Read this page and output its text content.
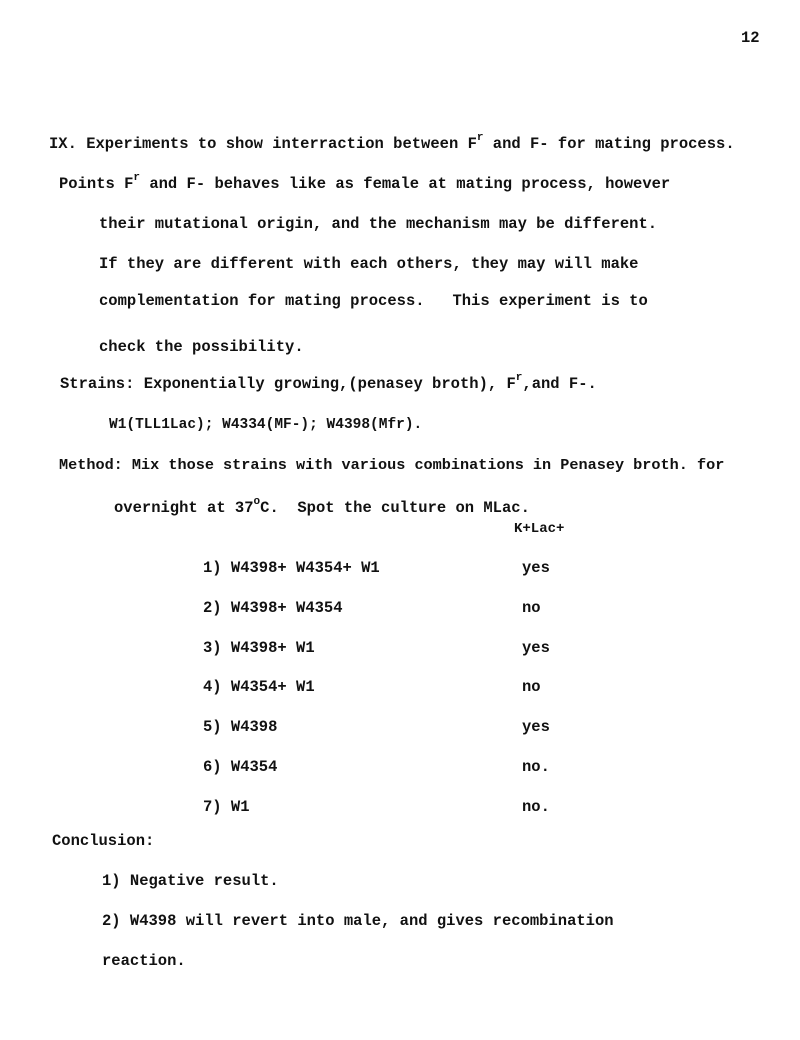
12
IX. Experiments to show interraction between $F^r$ and F- for mating process.
Points $F^r$ and F- behaves like as female at mating process, however
their mutational origin, and the mechanism may be different.
If they are different with each others, they may will make
complementation for mating process.   This experiment is to
check the possibility.
Strains: Exponentially growing,(penasey broth), $F^r,and$ F-.
W1(TLL1Lac); W4334(MF-); W4398(Mfr).
Method: Mix those strains with various combinations in Penasey broth. for
overnight at 37$^o$C.  Spot the culture on MLac.
K+Lac+
1) W4398+ W4354+ W1	yes
2) W4398+ W4354	no
3) W4398+ W1	yes
4) W4354+ W1	no
5) W4398	yes
6) W4354	no.
7) W1	no.
Conclusion:
1) Negative result.
2) W4398 will revert into male, and gives recombination
reaction.
